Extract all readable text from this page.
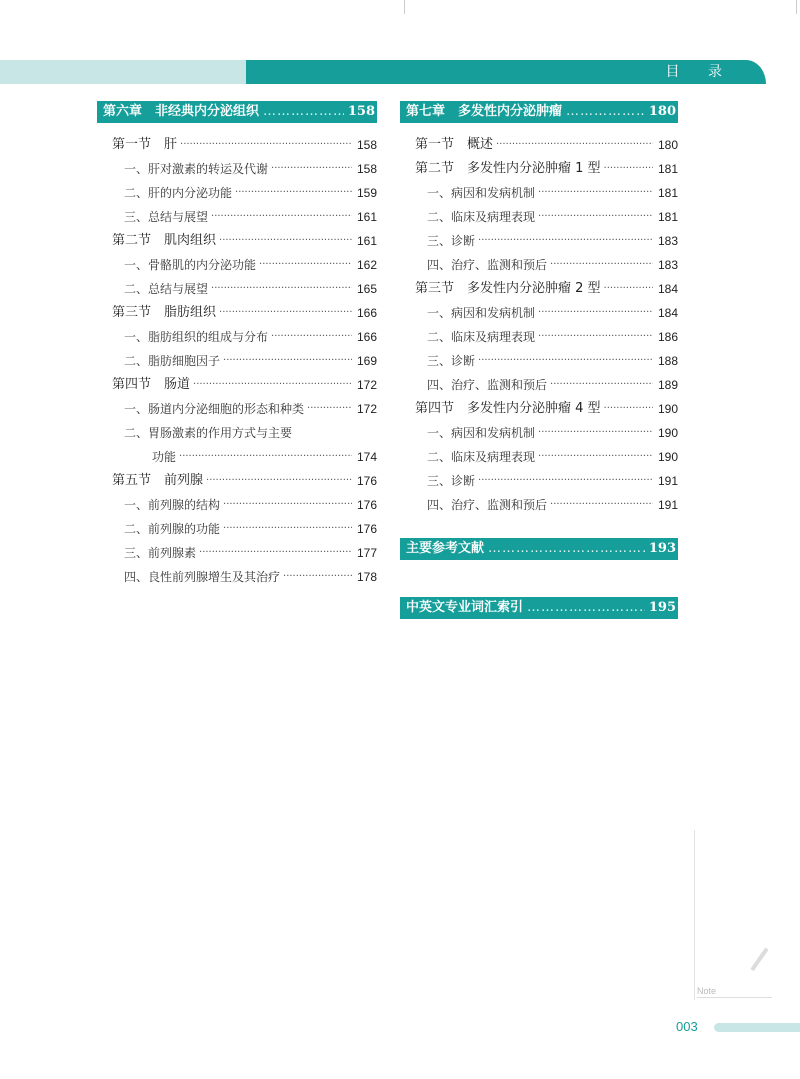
目 录
第六章　非经典内分泌组织 …………………………………………………………………………	158
第一节　肝 ·····	158
一、肝对激素的转运及代谢 ·····	158
二、肝的内分泌功能 ·····	159
三、总结与展望 ·····	161
第二节　肌肉组织 ·····	161
一、骨骼肌的内分泌功能 ·····	162
二、总结与展望 ·····	165
第三节　脂肪组织 ·····	166
一、脂肪组织的组成与分布 ·····	166
二、脂肪细胞因子 ·····	169
第四节　肠道 ·····	172
一、肠道内分泌细胞的形态和种类 ·····	172
二、胃肠激素的作用方式与主要
功能 ·····	174
第五节　前列腺 ·····	176
一、前列腺的结构 ·····	176
二、前列腺的功能 ·····	176
三、前列腺素 ·····	177
四、良性前列腺增生及其治疗 ·····	178
第七章　多发性内分泌肿瘤 …………………………………………………………………………	180
第一节　概述 ·····	180
第二节　多发性内分泌肿瘤 1 型 ·····	181
一、病因和发病机制 ·····	181
二、临床及病理表现 ·····	181
三、诊断 ·····	183
四、治疗、监测和预后 ·····	183
第三节　多发性内分泌肿瘤 2 型 ·····	184
一、病因和发病机制 ·····	184
二、临床及病理表现 ·····	186
三、诊断 ·····	188
四、治疗、监测和预后 ·····	189
第四节　多发性内分泌肿瘤 4 型 ·····	190
一、病因和发病机制 ·····	190
二、临床及病理表现 ·····	190
三、诊断 ·····	191
四、治疗、监测和预后 ·····	191
主要参考文献 …………………………………………………………………………	193
中英文专业词汇索引 …………………………………………………………………………	195
Note
003
